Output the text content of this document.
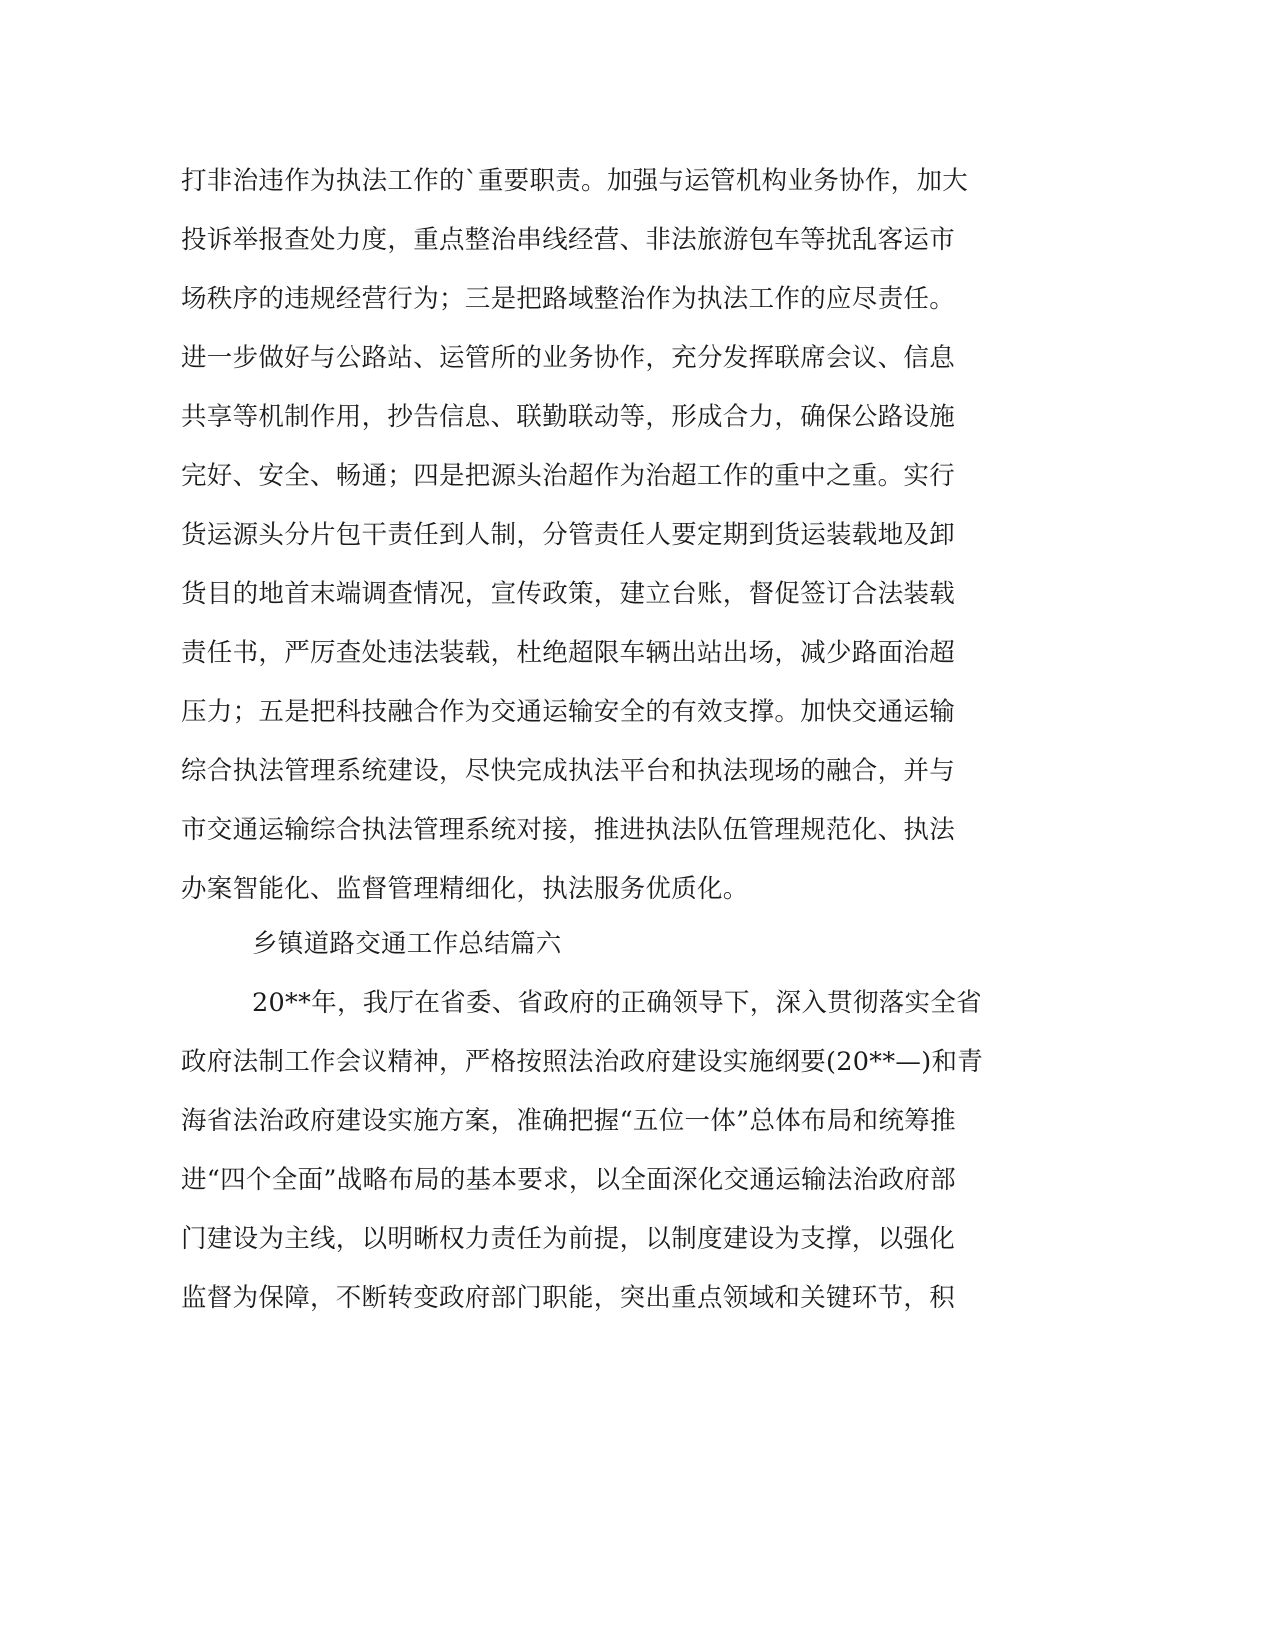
打非治违作为执法工作的`重要职责。加强与运管机构业务协作，加大
投诉举报查处力度，重点整治串线经营、非法旅游包车等扰乱客运市
场秩序的违规经营行为；三是把路域整治作为执法工作的应尽责任。
进一步做好与公路站、运管所的业务协作，充分发挥联席会议、信息
共享等机制作用，抄告信息、联勤联动等，形成合力，确保公路设施
完好、安全、畅通；四是把源头治超作为治超工作的重中之重。实行
货运源头分片包干责任到人制，分管责任人要定期到货运装载地及卸
货目的地首末端调查情况，宣传政策，建立台账，督促签订合法装载
责任书，严厉查处违法装载，杜绝超限车辆出站出场，减少路面治超
压力；五是把科技融合作为交通运输安全的有效支撑。加快交通运输
综合执法管理系统建设，尽快完成执法平台和执法现场的融合，并与
市交通运输综合执法管理系统对接，推进执法队伍管理规范化、执法
办案智能化、监督管理精细化，执法服务优质化。
乡镇道路交通工作总结篇六
20**年，我厅在省委、省政府的正确领导下，深入贯彻落实全省
政府法制工作会议精神，严格按照法治政府建设实施纲要(20**—)和青
海省法治政府建设实施方案，准确把握“五位一体”总体布局和统筹推
进“四个全面”战略布局的基本要求，以全面深化交通运输法治政府部
门建设为主线，以明晰权力责任为前提，以制度建设为支撑，以强化
监督为保障，不断转变政府部门职能，突出重点领域和关键环节，积
